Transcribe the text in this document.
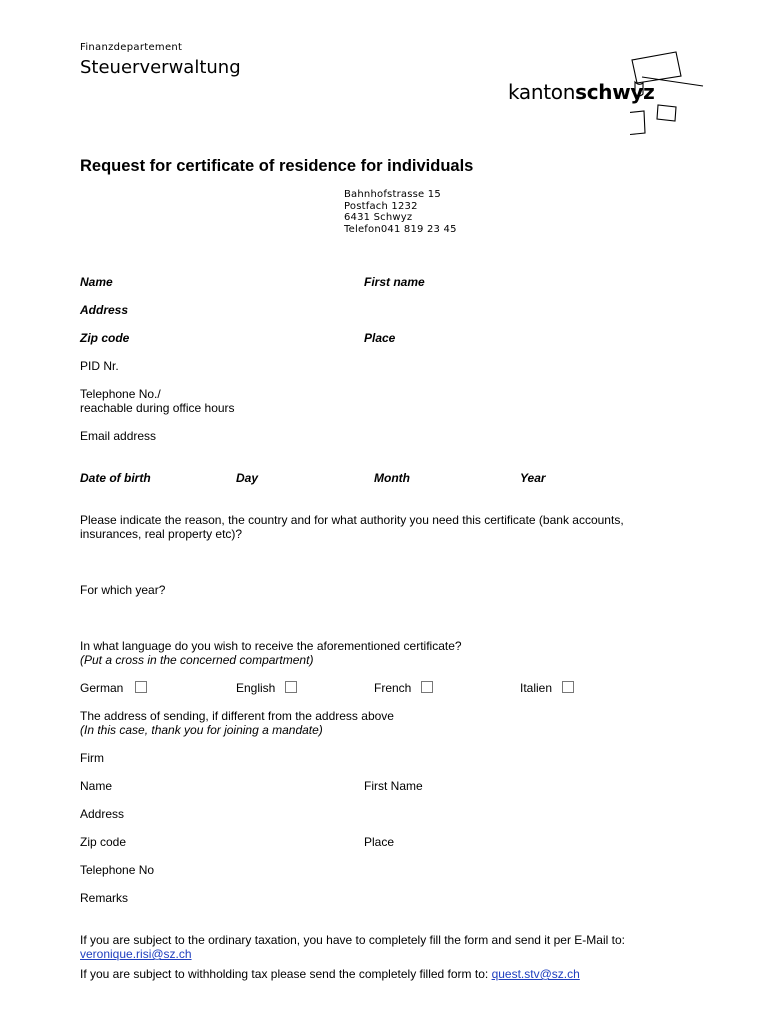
Finanzdepartement
Steuerverwaltung
kantonschwyz
Request for certificate of residence for individuals
Bahnhofstrasse 15
Postfach 1232
6431 Schwyz
Telefon041 819 23 45
Name	First name
Address
Zip code	Place
PID Nr.
Telephone No./
reachable during office hours
Email address
Date of birth	Day	Month	Year
Please indicate the reason, the country and for what authority you need this certificate (bank accounts,
insurances, real property etc)?
For which year?
In what language do you wish to receive the aforementioned certificate?
(Put a cross in the concerned compartment)
German	English	French	Italien
The address of sending, if different from the address above
(In this case, thank you for joining a mandate)
Firm
Name	First Name
Address
Zip code	Place
Telephone No
Remarks
If you are subject to the ordinary taxation, you have to completely fill the form and send it per E-Mail to:
veronique.risi@sz.ch
If you are subject to withholding tax please send the completely filled form to: quest.stv@sz.ch
